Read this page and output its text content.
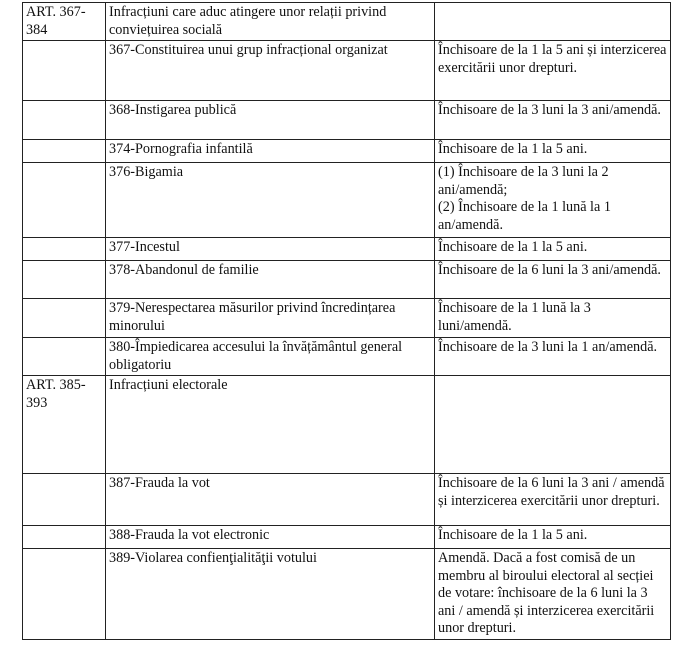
ART. 367-384	Infracțiuni care aduc atingere unor relații privind conviețuirea socială	
	367-Constituirea unui grup infracțional organizat	Închisoare de la 1 la 5 ani și interzicerea exercitării unor drepturi.

	368-Instigarea publică	Închisoare de la 3 luni la 3 ani/amendă.

	374-Pornografia infantilă	Închisoare de la 1 la 5 ani.

	376-Bigamia	(1) Închisoare de la 3 luni la 2 ani/amendă;
(2) Închisoare de la 1 lună la 1 an/amendă.

	377-Incestul	Închisoare de la 1 la 5 ani.

	378-Abandonul de familie	Închisoare de la 6 luni la 3 ani/amendă.

	379-Nerespectarea măsurilor privind încredințarea minorului	Închisoare de la 1 lună la 3 luni/amendă.

	380-Împiedicarea accesului la învățământul general obligatoriu	Închisoare de la 3 luni la 1 an/amendă.

ART. 385-393	Infracțiuni electorale	
	387-Frauda la vot	Închisoare de la 6 luni la 3 ani / amendă și interzicerea exercitării unor drepturi.

	388-Frauda la vot electronic	Închisoare de la 1 la 5 ani.

	389-Violarea confienţialităţii votului	Amendă. Dacă a fost comisă de un membru al biroului electoral al secției de votare: închisoare de la 6 luni la 3 ani / amendă și interzicerea exercitării unor drepturi.
